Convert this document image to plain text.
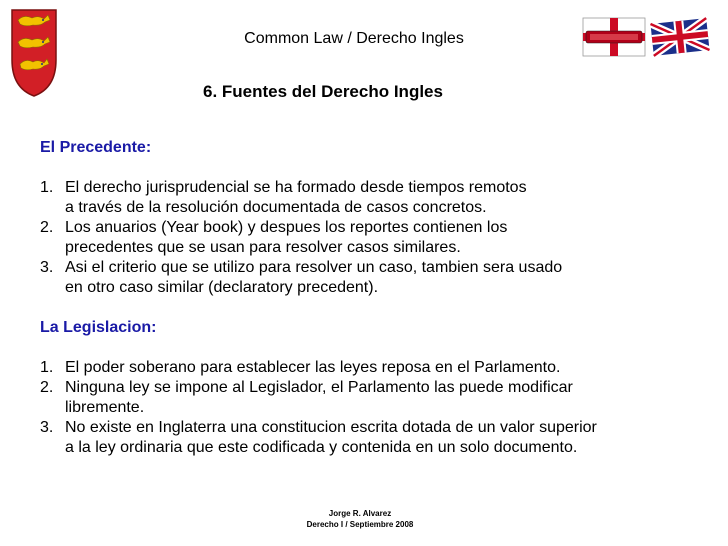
Common Law / Derecho Ingles
6. Fuentes del Derecho Ingles

El Precedente:

1. El derecho jurisprudencial se ha formado desde tiempos remotos
a través de la resolución documentada de casos concretos.
2. Los anuarios (Year book) y despues los reportes contienen los
precedentes que se usan para resolver casos similares.
3. Asi el criterio que se utilizo para resolver un caso, tambien sera usado
en otro caso similar (declaratory precedent).

La Legislacion:

1. El poder soberano para establecer las leyes reposa en el Parlamento.
2. Ninguna ley se impone al Legislador, el Parlamento las puede modificar
libremente.
3. No existe en Inglaterra una constitucion escrita dotada de un valor superior
a la ley ordinaria que este codificada y contenida en un solo documento.
Jorge R. Alvarez
Derecho I / Septiembre 2008
